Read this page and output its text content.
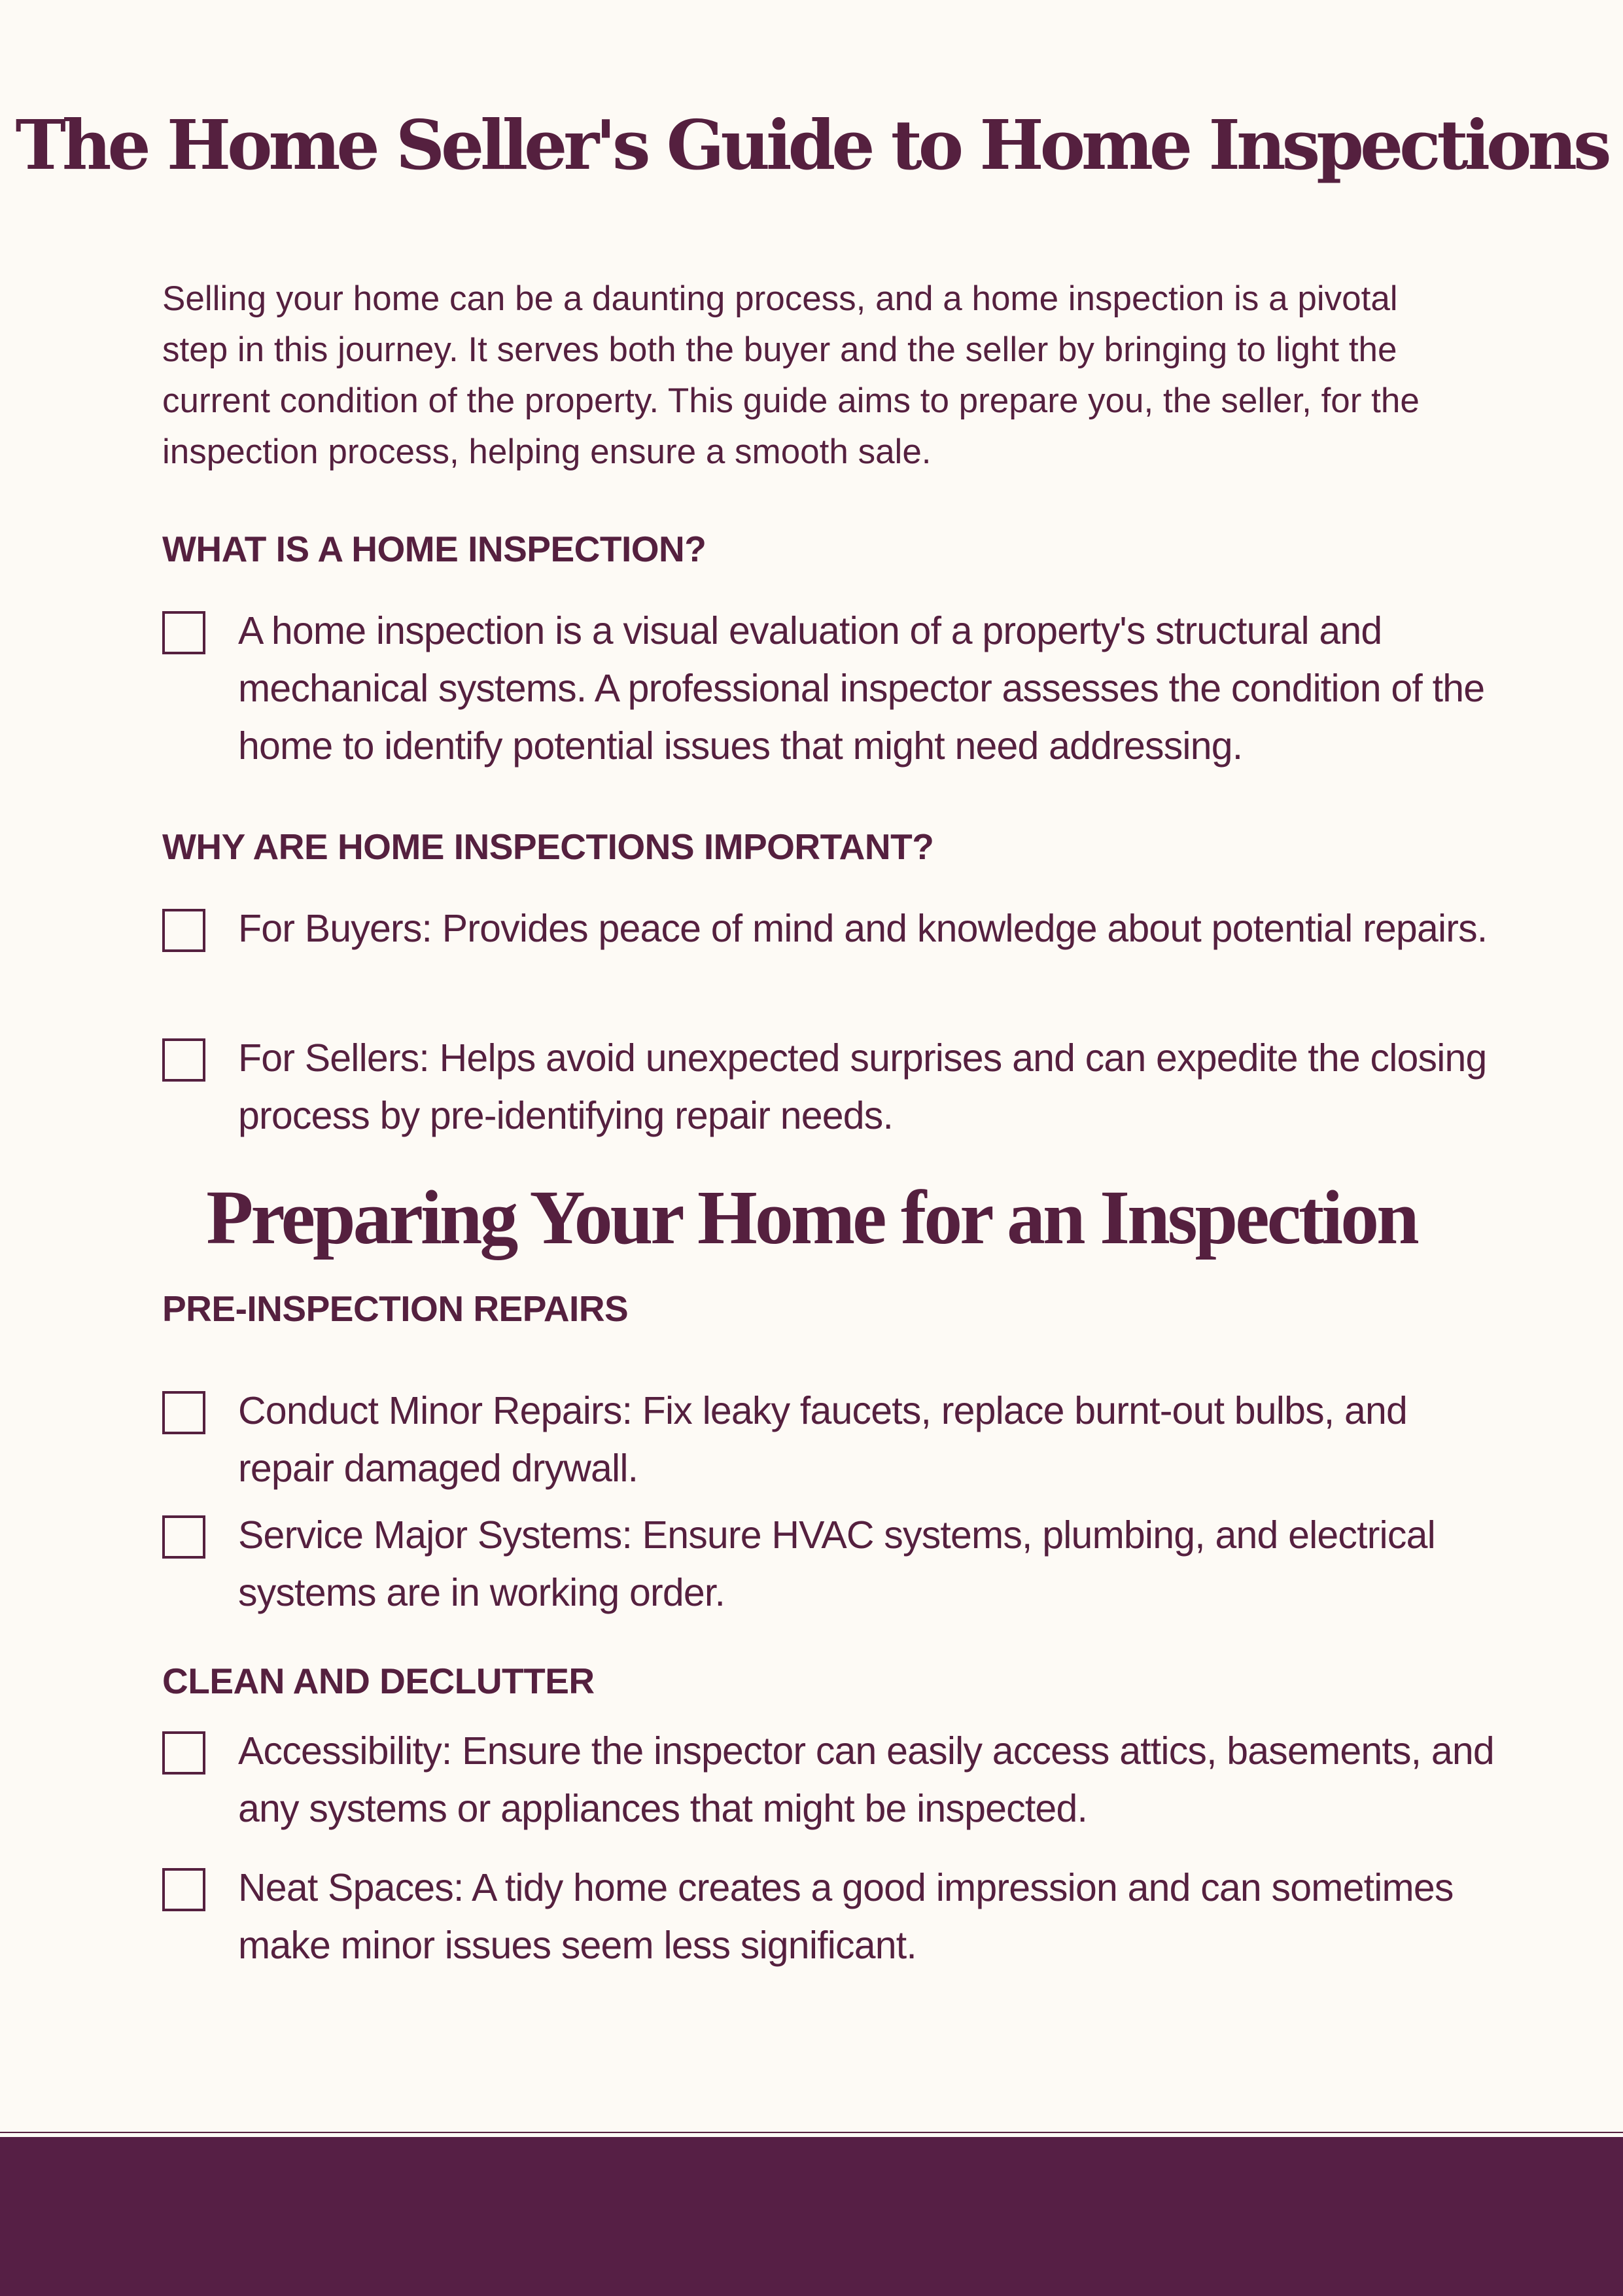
The Home Seller's Guide to Home Inspections

Selling your home can be a daunting process, and a home inspection is a pivotal step in this journey. It serves both the buyer and the seller by bringing to light the current condition of the property. This guide aims to prepare you, the seller, for the inspection process, helping ensure a smooth sale.

WHAT IS A HOME INSPECTION?
A home inspection is a visual evaluation of a property's structural and mechanical systems. A professional inspector assesses the condition of the home to identify potential issues that might need addressing.
WHY ARE HOME INSPECTIONS IMPORTANT?
For Buyers: Provides peace of mind and knowledge about potential repairs.
For Sellers: Helps avoid unexpected surprises and can expedite the closing process by pre-identifying repair needs.
Preparing Your Home for an Inspection
PRE-INSPECTION REPAIRS
Conduct Minor Repairs: Fix leaky faucets, replace burnt-out bulbs, and repair damaged drywall.
Service Major Systems: Ensure HVAC systems, plumbing, and electrical systems are in working order.
CLEAN AND DECLUTTER
Accessibility: Ensure the inspector can easily access attics, basements, and any systems or appliances that might be inspected.
Neat Spaces: A tidy home creates a good impression and can sometimes make minor issues seem less significant.
